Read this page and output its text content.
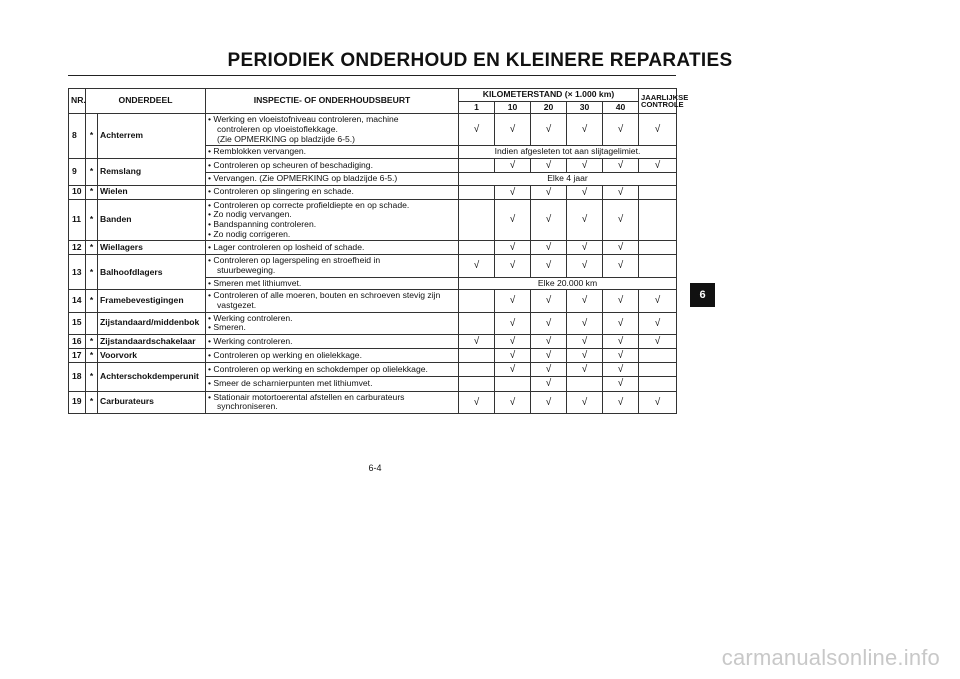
PERIODIEK ONDERHOUD EN KLEINERE REPARATIES
NR.	ONDERDEEL		INSPECTIE- OF ONDERHOUDSBEURT	KILOMETERSTAND (× 1.000 km)					JAARLIJKSE CONTROLE
				1	10	20	30	40	
8	*	Achterrem	• Werking en vloeistofniveau controleren, machine
controleren op vloeistoflekkage.
(Zie OPMERKING op bladzijde 6-5.)	√	√	√	√	√	√

			• Remblokken vervangen.	Indien afgesleten tot aan slijtagelimiet.					
9	*	Remslang	• Controleren op scheuren of beschadiging.		√	√	√	√	√

			• Vervangen. (Zie OPMERKING op bladzijde 6-5.)	Elke 4 jaar					
10	*	Wielen	• Controleren op slingering en schade.		√	√	√	√	
11	*	Banden	• Controleren op correcte profieldiepte en op schade.
• Zo nodig vervangen.
• Bandspanning controleren.
• Zo nodig corrigeren.		√	√	√	√	
12	*	Wiellagers	• Lager controleren op losheid of schade.		√	√	√	√	
13	*	Balhoofdlagers	• Controleren op lagerspeling en stroefheid in
stuurbeweging.	√	√	√	√	√	

			• Smeren met lithiumvet.	Elke 20.000 km					
14	*	Framebevestigingen	• Controleren of alle moeren, bouten en schroeven stevig zijn
vastgezet.		√	√	√	√	√
15		Zijstandaard/middenbok	• Werking controleren.
• Smeren.		√	√	√	√	√
16	*	Zijstandaardschakelaar	• Werking controleren.	√	√	√	√	√	√
17	*	Voorvork	• Controleren op werking en olielekkage.		√	√	√	√	
18	*	Achterschokdemperunit	• Controleren op werking en schokdemper op olielekkage.		√	√	√	√	

			• Smeer de scharnierpunten met lithiumvet.			√		√	
19	*	Carburateurs	• Stationair motortoerental afstellen en carburateurs
synchroniseren.	√	√	√	√	√	√
6
6-4
carmanualsonline.info
